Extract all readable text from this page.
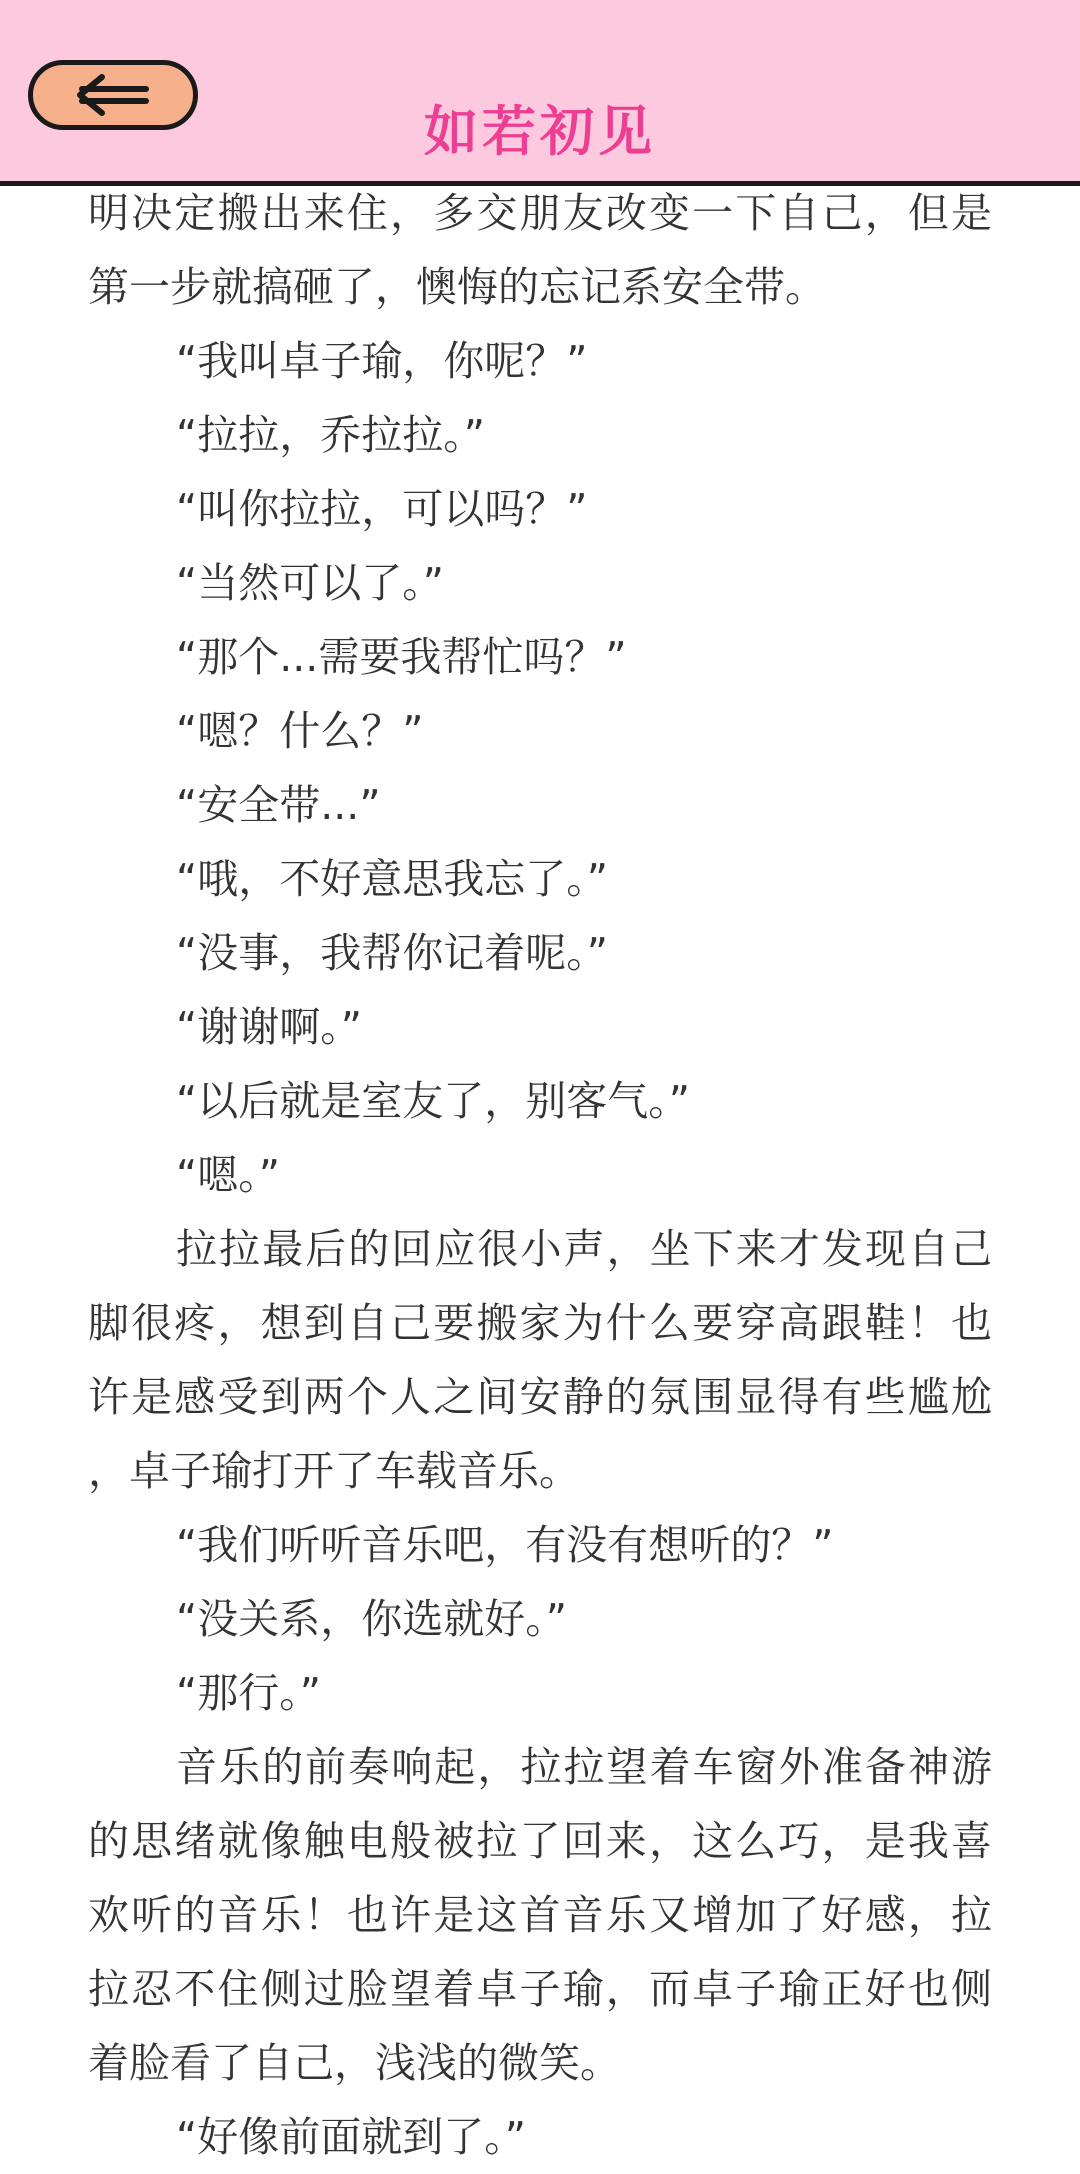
如若初见

明决定搬出来住，多交朋友改变一下自己，但是

第一步就搞砸了，懊悔的忘记系安全带。

“我叫卓子瑜，你呢？”

“拉拉，乔拉拉。”

“叫你拉拉，可以吗？”

“当然可以了。”

“那个...需要我帮忙吗？”

“嗯？什么？”

“安全带...”

“哦，不好意思我忘了。”

“没事，我帮你记着呢。”

“谢谢啊。”

“以后就是室友了，别客气。”

“嗯。”

拉拉最后的回应很小声，坐下来才发现自己

脚很疼，想到自己要搬家为什么要穿高跟鞋！也

许是感受到两个人之间安静的氛围显得有些尴尬

，卓子瑜打开了车载音乐。

“我们听听音乐吧，有没有想听的？”

“没关系，你选就好。”

“那行。”

音乐的前奏响起，拉拉望着车窗外准备神游

的思绪就像触电般被拉了回来，这么巧，是我喜

欢听的音乐！也许是这首音乐又增加了好感，拉

拉忍不住侧过脸望着卓子瑜，而卓子瑜正好也侧

着脸看了自己，浅浅的微笑。

“好像前面就到了。”
